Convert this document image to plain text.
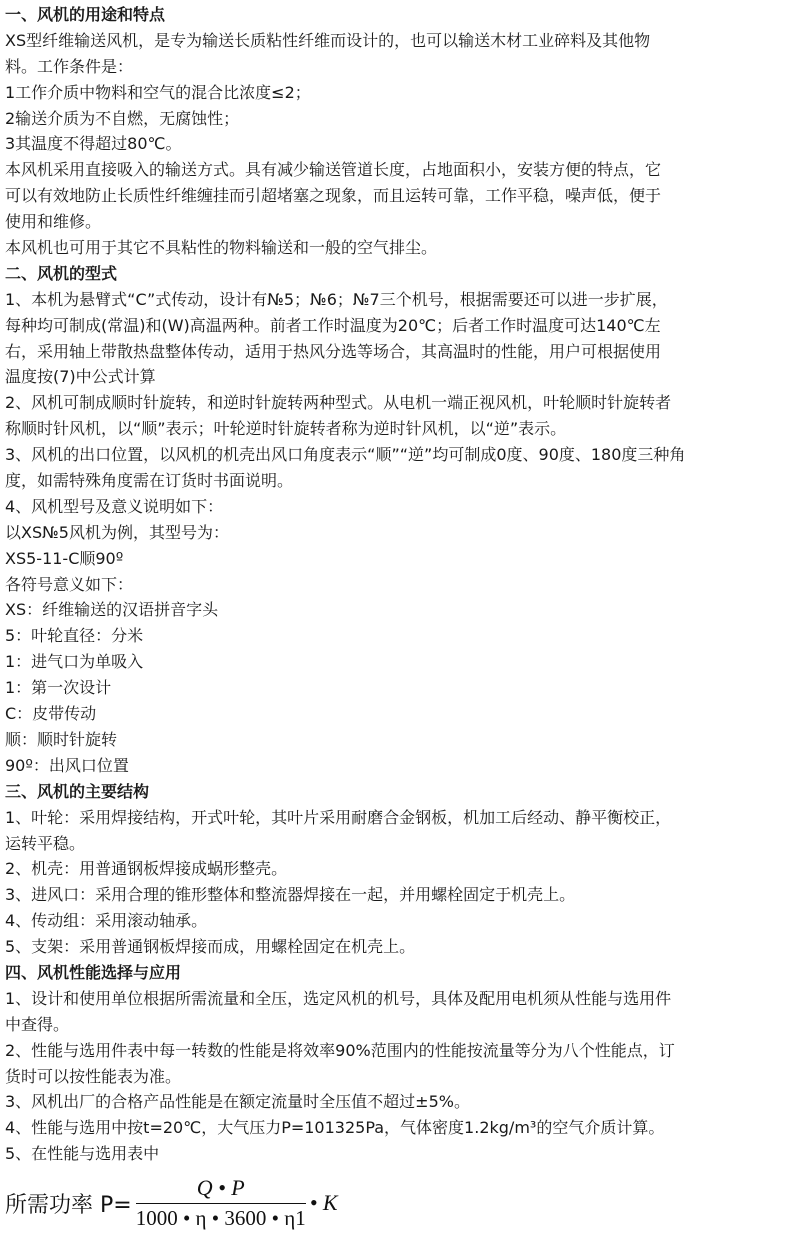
一、风机的用途和特点
XS型纤维输送风机，是专为输送长质粘性纤维而设计的，也可以输送木材工业碎料及其他物
料。工作条件是：
1工作介质中物料和空气的混合比浓度≤2；
2输送介质为不自燃，无腐蚀性；
3其温度不得超过80℃。
本风机采用直接吸入的输送方式。具有减少输送管道长度，占地面积小，安装方便的特点，它
可以有效地防止长质性纤维缠挂而引超堵塞之现象，而且运转可靠，工作平稳，噪声低，便于
使用和维修。
本风机也可用于其它不具粘性的物料输送和一般的空气排尘。
二、风机的型式
1、本机为悬臂式“C”式传动，设计有№5；№6；№7三个机号，根据需要还可以进一步扩展，
每种均可制成(常温)和(W)高温两种。前者工作时温度为20℃；后者工作时温度可达140℃左
右，采用轴上带散热盘整体传动，适用于热风分选等场合，其高温时的性能，用户可根据使用
温度按(7)中公式计算
2、风机可制成顺时针旋转，和逆时针旋转两种型式。从电机一端正视风机，叶轮顺时针旋转者
称顺时针风机，以“顺”表示；叶轮逆时针旋转者称为逆时针风机，以“逆”表示。
3、风机的出口位置，以风机的机壳出风口角度表示“顺”“逆”均可制成0度、90度、180度三种角
度，如需特殊角度需在订货时书面说明。
4、风机型号及意义说明如下：
以XS№5风机为例，其型号为：
XS5-11-C顺90º
各符号意义如下：
XS：纤维输送的汉语拼音字头
5：叶轮直径：分米
1：进气口为单吸入
1：第一次设计
C：皮带传动
顺：顺时针旋转
90º：出风口位置
三、风机的主要结构
1、叶轮：采用焊接结构，开式叶轮，其叶片采用耐磨合金钢板，机加工后经动、静平衡校正，
运转平稳。
2、机壳：用普通钢板焊接成蜗形整壳。
3、进风口：采用合理的锥形整体和整流器焊接在一起，并用螺栓固定于机壳上。
4、传动组：采用滚动轴承。
5、支架：采用普通钢板焊接而成，用螺栓固定在机壳上。
四、风机性能选择与应用
1、设计和使用单位根据所需流量和全压，选定风机的机号，具体及配用电机须从性能与选用件
中查得。
2、性能与选用件表中每一转数的性能是将效率90%范围内的性能按流量等分为八个性能点，订
货时可以按性能表为准。
3、风机出厂的合格产品性能是在额定流量时全压值不超过±5%。
4、性能与选用中按t=20℃，大气压力P=101325Pa，气体密度1.2kg/m³的空气介质计算。
5、在性能与选用表中
所需功率 $P= \frac{Q • P}{1000 • \eta • 3600 • \eta 1}$ • K
